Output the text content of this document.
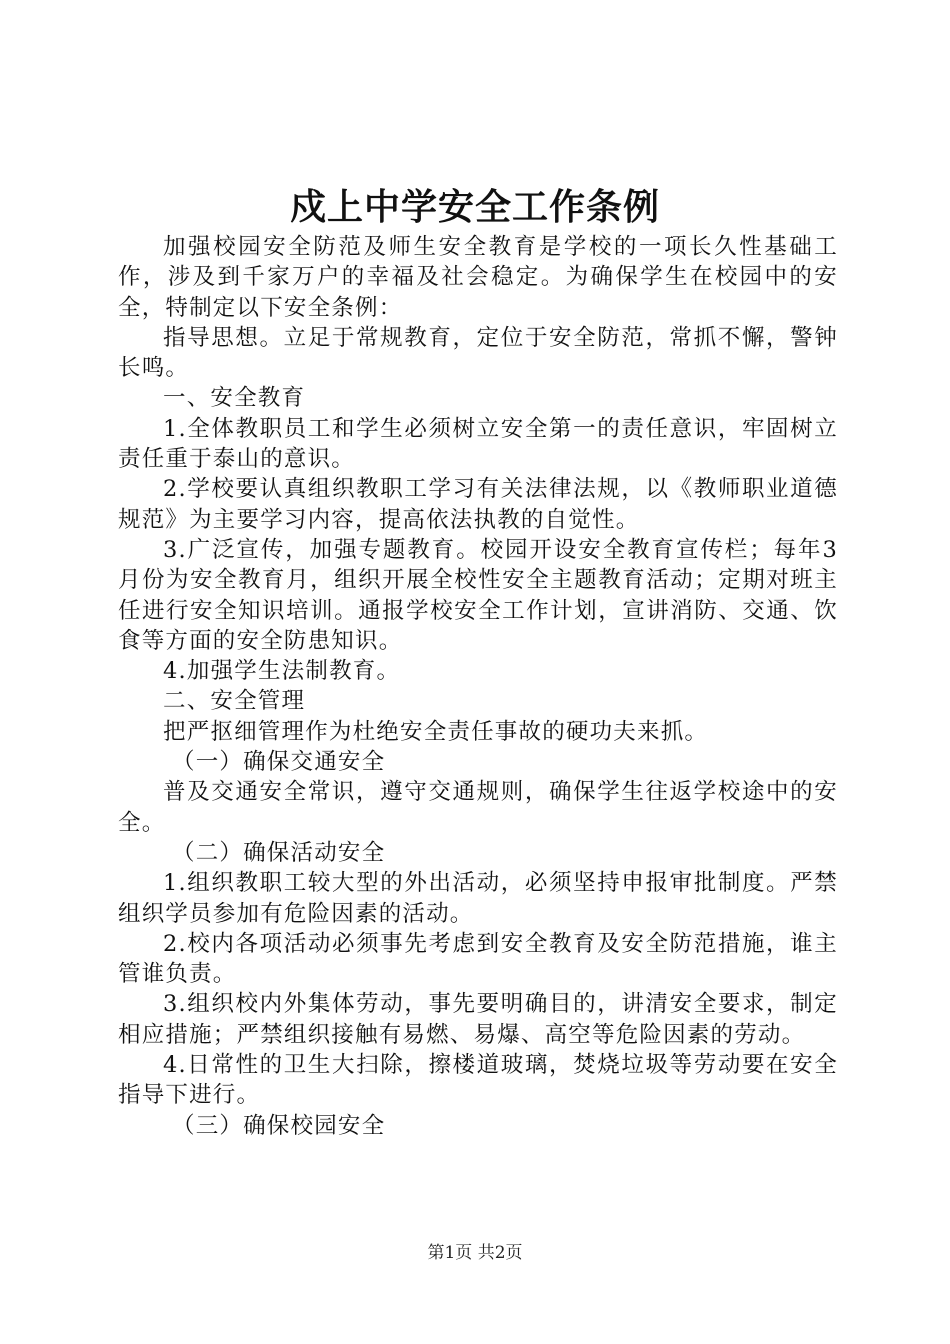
戍上中学安全工作条例

加强校园安全防范及师生安全教育是学校的一项长久性基础工作，涉及到千家万户的幸福及社会稳定。为确保学生在校园中的安全，特制定以下安全条例：

指导思想。立足于常规教育，定位于安全防范，常抓不懈，警钟长鸣。

一、安全教育

1.全体教职员工和学生必须树立安全第一的责任意识，牢固树立责任重于泰山的意识。

2.学校要认真组织教职工学习有关法律法规，以《教师职业道德规范》为主要学习内容，提高依法执教的自觉性。

3.广泛宣传，加强专题教育。校园开设安全教育宣传栏；每年3月份为安全教育月，组织开展全校性安全主题教育活动；定期对班主任进行安全知识培训。通报学校安全工作计划，宣讲消防、交通、饮食等方面的安全防患知识。

4.加强学生法制教育。

二、安全管理

把严抠细管理作为杜绝安全责任事故的硬功夫来抓。

（一）确保交通安全

普及交通安全常识，遵守交通规则，确保学生往返学校途中的安全。

（二）确保活动安全

1.组织教职工较大型的外出活动，必须坚持申报审批制度。严禁组织学员参加有危险因素的活动。

2.校内各项活动必须事先考虑到安全教育及安全防范措施，谁主管谁负责。

3.组织校内外集体劳动，事先要明确目的，讲清安全要求，制定相应措施；严禁组织接触有易燃、易爆、高空等危险因素的劳动。

4.日常性的卫生大扫除，擦楼道玻璃，焚烧垃圾等劳动要在安全指导下进行。

（三）确保校园安全

第1页 共2页
